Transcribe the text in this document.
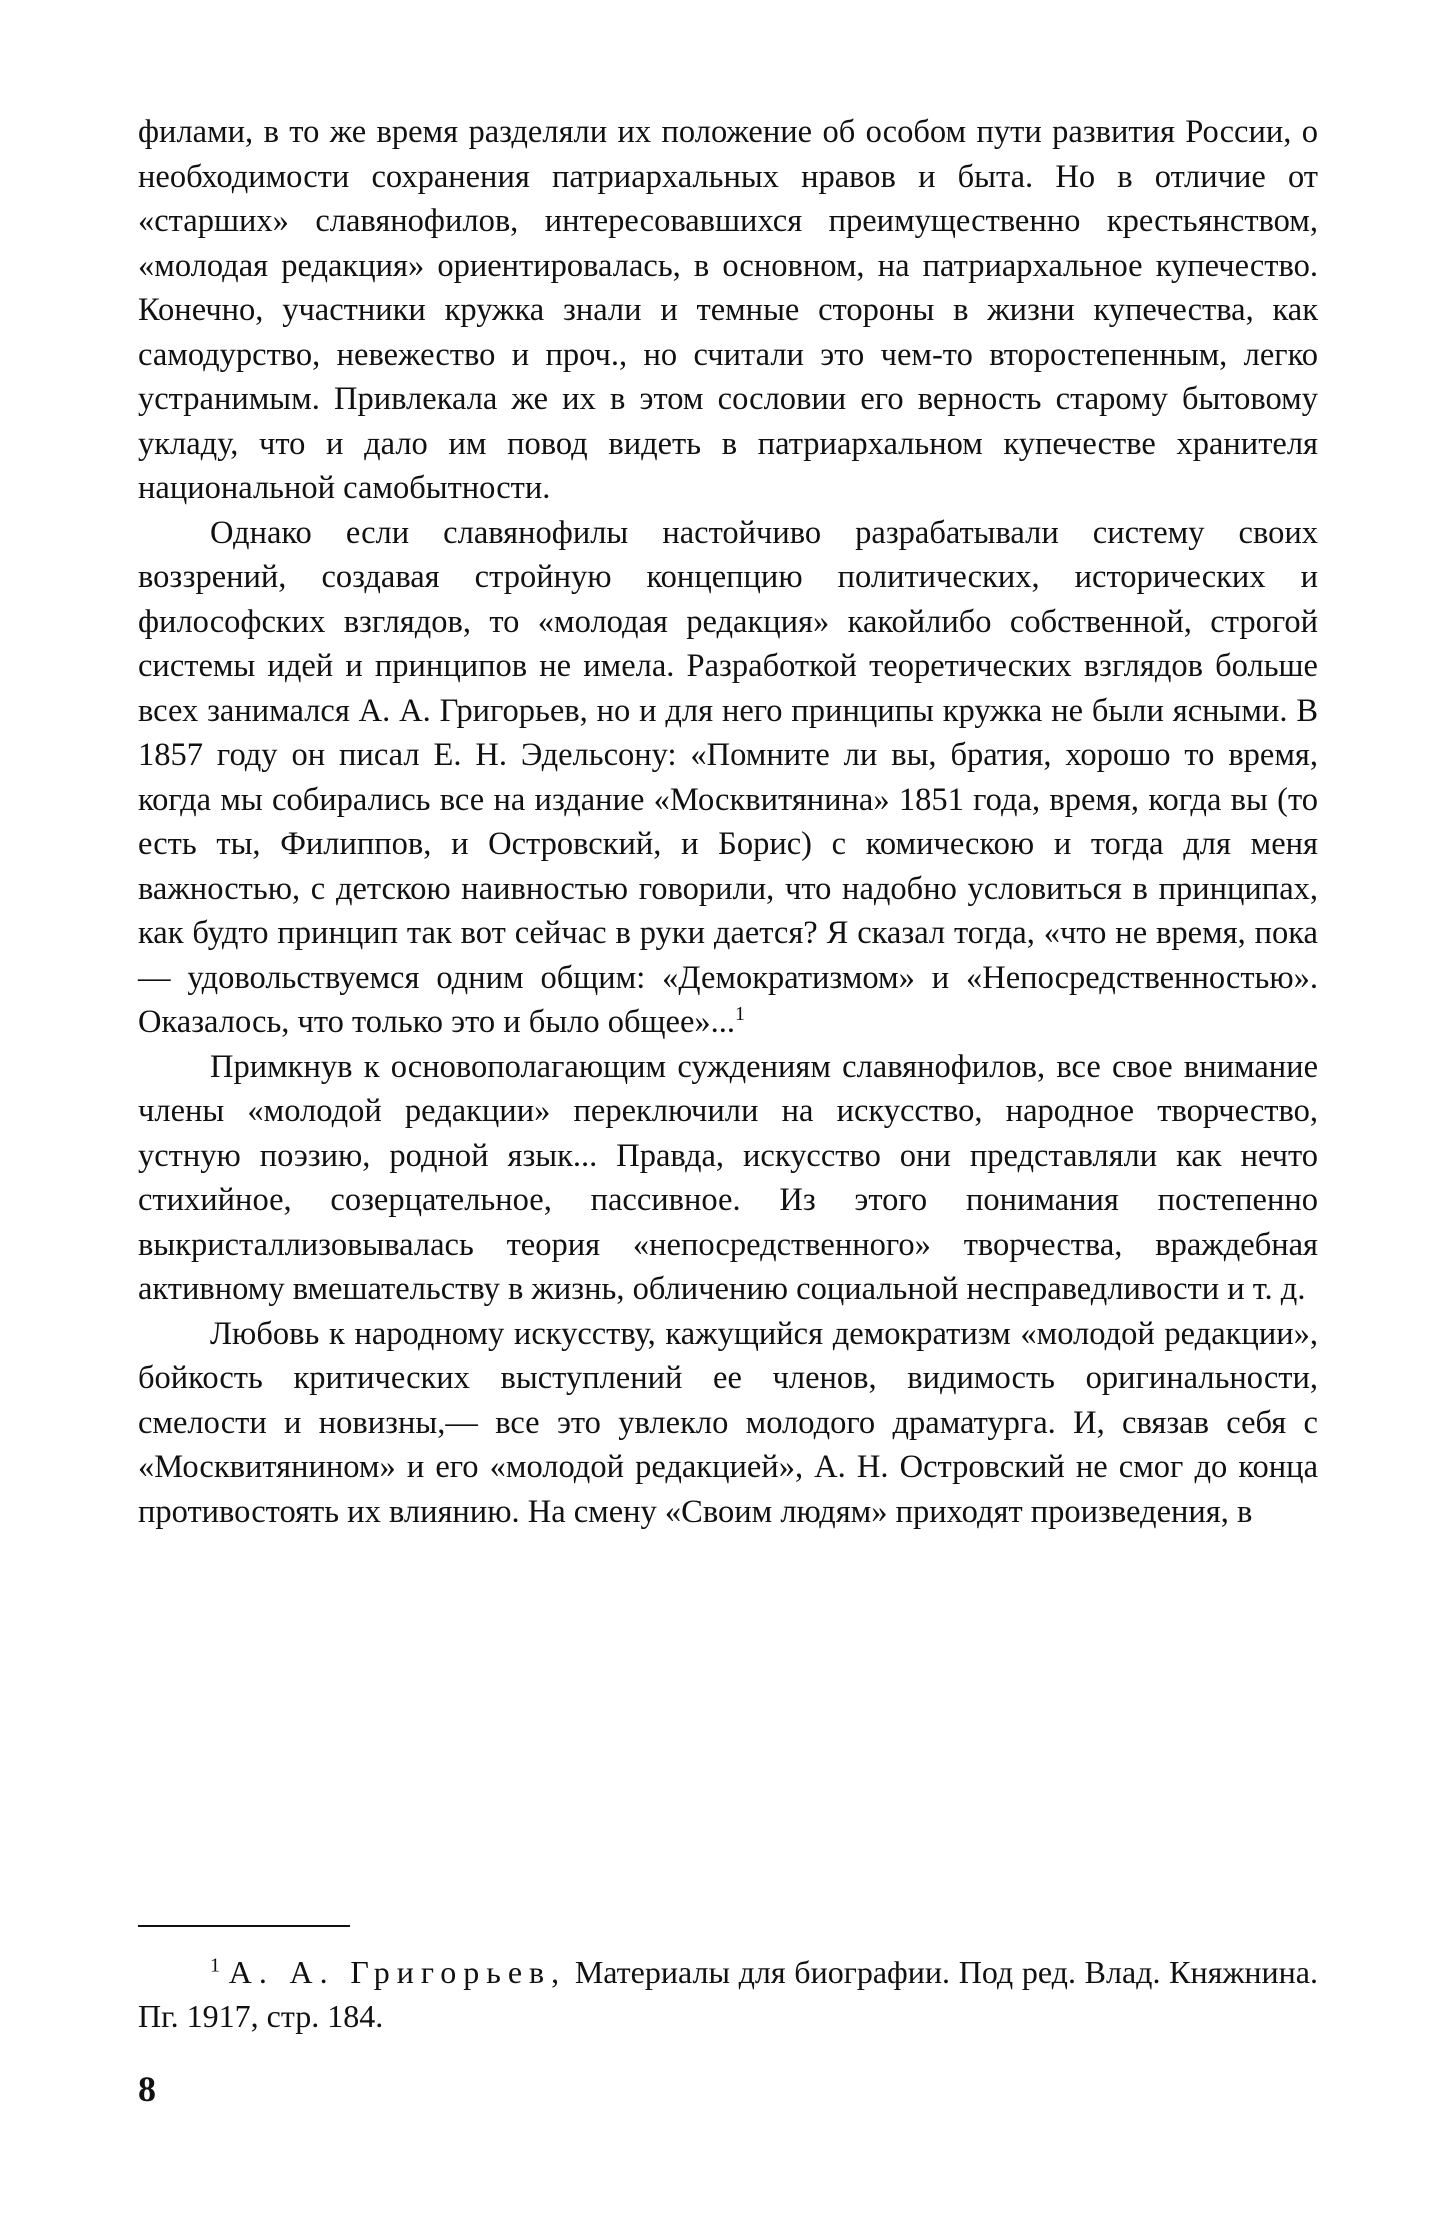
филами, в то же время разделяли их положение об особом пути развития России, о необходимости сохранения патриархальных нравов и быта. Но в отличие от «старших» славянофилов, интересовавшихся преимущественно крестьянством, «молодая редакция» ориентировалась, в основном, на патриархальное купечество. Конечно, участники кружка знали и темные стороны в жизни купечества, как самодурство, невежество и проч., но считали это чем-то второстепенным, легко устранимым. Привлекала же их в этом сословии его верность старому бытовому укладу, что и дало им повод видеть в патриархальном купечестве хранителя национальной самобытности.

Однако если славянофилы настойчиво разрабатывали систему своих воззрений, создавая стройную концепцию политических, исторических и философских взглядов, то «молодая редакция» какойлибо собственной, строгой системы идей и принципов не имела. Разработкой теоретических взглядов больше всех занимался А. А. Григорьев, но и для него принципы кружка не были ясными. В 1857 году он писал Е. Н. Эдельсону: «Помните ли вы, братия, хорошо то время, когда мы собирались все на издание «Москвитянина» 1851 года, время, когда вы (то есть ты, Филиппов, и Островский, и Борис) с комическою и тогда для меня важностью, с детскою наивностью говорили, что надобно условиться в принципах, как будто принцип так вот сейчас в руки дается? Я сказал тогда, «что не время, пока — удовольствуемся одним общим: «Демократизмом» и «Непосредственностью». Оказалось, что только это и было общее»...$^1$

Примкнув к основополагающим суждениям славянофилов, все свое внимание члены «молодой редакции» переключили на искусство, народное творчество, устную поэзию, родной язык... Правда, искусство они представляли как нечто стихийное, созерцательное, пассивное. Из этого понимания постепенно выкристаллизовывалась теория «непосредственного» творчества, враждебная активному вмешательству в жизнь, обличению социальной несправедливости и т. д.

Любовь к народному искусству, кажущийся демократизм «молодой редакции», бойкость критических выступлений ее членов, видимость оригинальности, смелости и новизны,— все это увлекло молодого драматурга. И, связав себя с «Москвитянином» и его «молодой редакцией», А. Н. Островский не смог до конца противостоять их влиянию. На смену «Своим людям» приходят произведения, в

$^1$ А. А. Григорьев, Материалы для биографии. Под ред. Влад. Княжнина. Пг. 1917, стр. 184.

8
